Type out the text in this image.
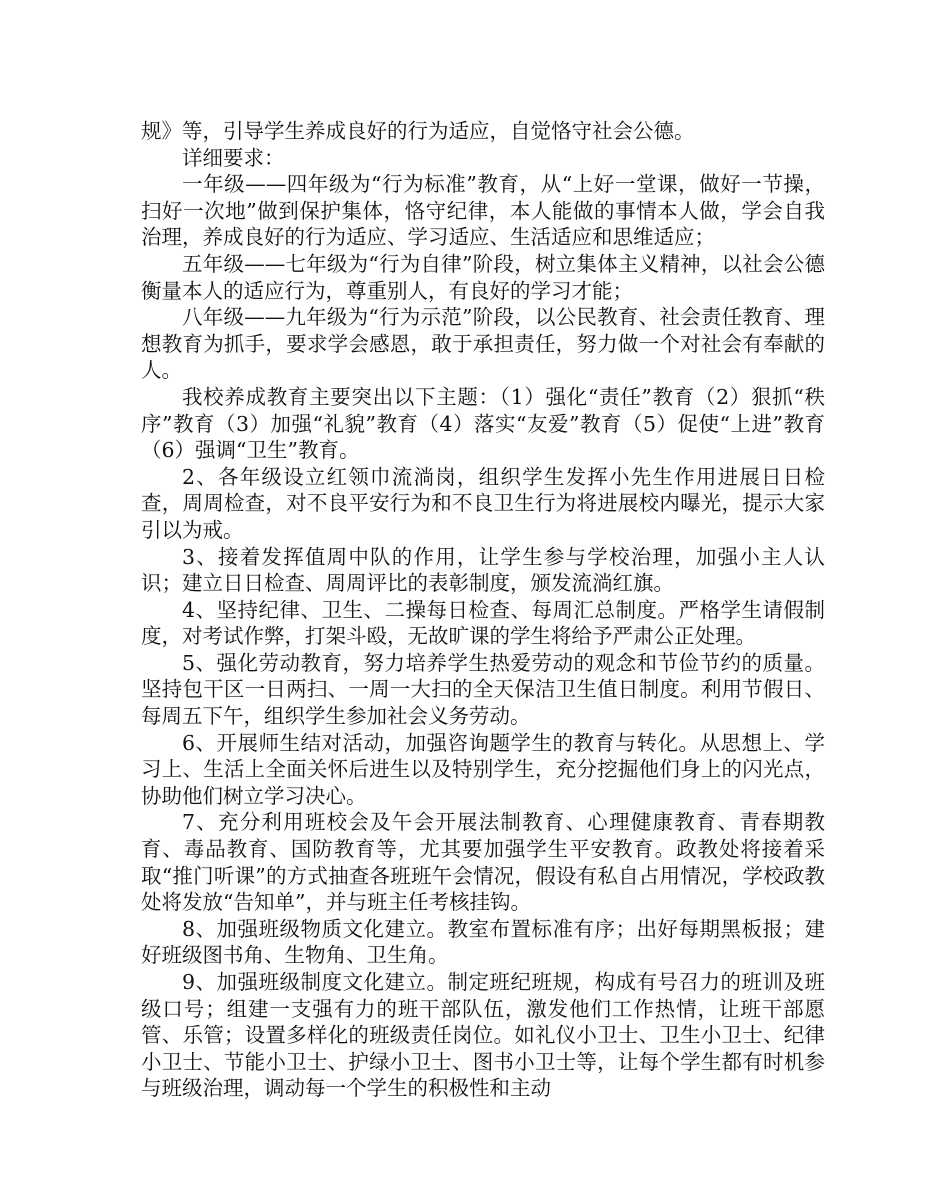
规》等，引导学生养成良好的行为适应，自觉恪守社会公德。

详细要求：

一年级——四年级为“行为标准”教育，从“上好一堂课，做好一节操，扫好一次地”做到保护集体，恪守纪律，本人能做的事情本人做，学会自我治理，养成良好的行为适应、学习适应、生活适应和思维适应；

五年级——七年级为“行为自律”阶段，树立集体主义精神，以社会公德衡量本人的适应行为，尊重别人，有良好的学习才能；

八年级——九年级为“行为示范”阶段，以公民教育、社会责任教育、理想教育为抓手，要求学会感恩，敢于承担责任，努力做一个对社会有奉献的人。

我校养成教育主要突出以下主题：（1）强化“责任”教育（2）狠抓“秩序”教育（3）加强“礼貌”教育（4）落实“友爱”教育（5）促使“上进”教育（6）强调“卫生”教育。

2、各年级设立红领巾流淌岗，组织学生发挥小先生作用进展日日检查，周周检查，对不良平安行为和不良卫生行为将进展校内曝光，提示大家引以为戒。

3、接着发挥值周中队的作用，让学生参与学校治理，加强小主人认识；建立日日检查、周周评比的表彰制度，颁发流淌红旗。

4、坚持纪律、卫生、二操每日检查、每周汇总制度。严格学生请假制度，对考试作弊，打架斗殴，无故旷课的学生将给予严肃公正处理。

5、强化劳动教育，努力培养学生热爱劳动的观念和节俭节约的质量。坚持包干区一日两扫、一周一大扫的全天保洁卫生值日制度。利用节假日、每周五下午，组织学生参加社会义务劳动。

6、开展师生结对活动，加强咨询题学生的教育与转化。从思想上、学习上、生活上全面关怀后进生以及特别学生，充分挖掘他们身上的闪光点，协助他们树立学习决心。

7、充分利用班校会及午会开展法制教育、心理健康教育、青春期教育、毒品教育、国防教育等，尤其要加强学生平安教育。政教处将接着采取“推门听课”的方式抽查各班班午会情况，假设有私自占用情况，学校政教处将发放“告知单”，并与班主任考核挂钩。

8、加强班级物质文化建立。教室布置标准有序；出好每期黑板报；建好班级图书角、生物角、卫生角。

9、加强班级制度文化建立。制定班纪班规，构成有号召力的班训及班级口号；组建一支强有力的班干部队伍，激发他们工作热情，让班干部愿管、乐管；设置多样化的班级责任岗位。如礼仪小卫士、卫生小卫士、纪律小卫士、节能小卫士、护绿小卫士、图书小卫士等，让每个学生都有时机参与班级治理，调动每一个学生的积极性和主动
